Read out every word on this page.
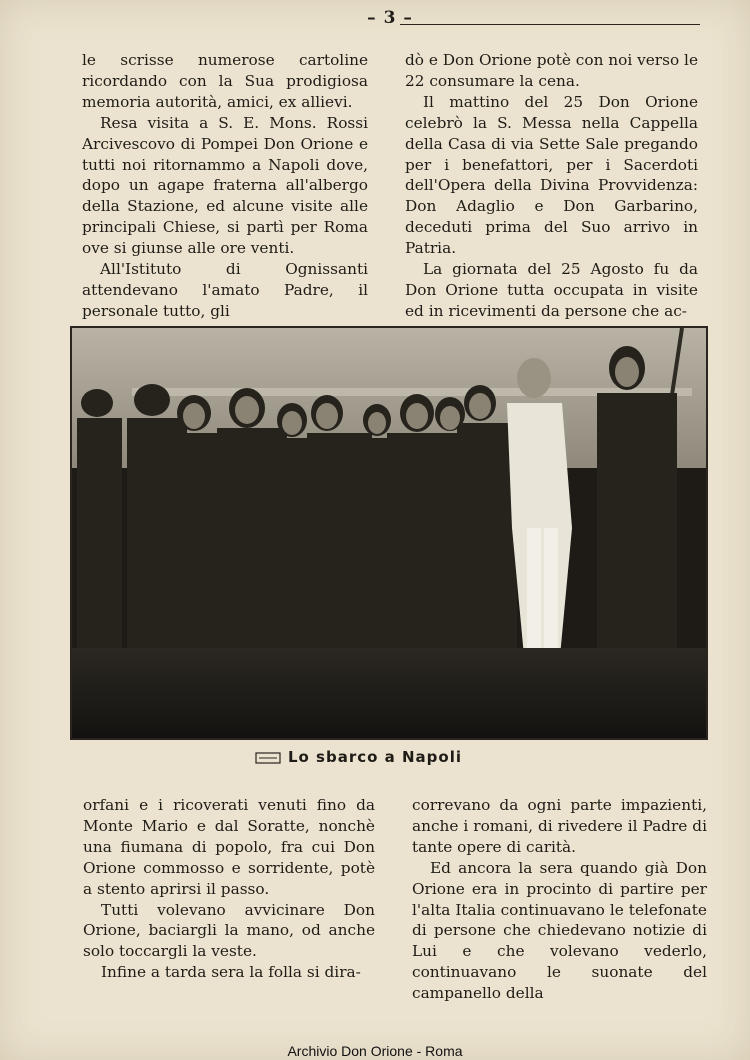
– 3 –

le scrisse numerose cartoline ricordando con la Sua prodigiosa memoria autorità, amici, ex allievi.

Resa visita a S. E. Mons. Rossi Arcivescovo di Pompei Don Orione e tutti noi ritornammo a Napoli dove, dopo un agape fraterna all'albergo della Stazione, ed alcune visite alle principali Chiese, si partì per Roma ove si giunse alle ore venti.

All'Istituto di Ognissanti attendevano l'amato Padre, il personale tutto, gli

dò e Don Orione potè con noi verso le 22 consumare la cena.

Il mattino del 25 Don Orione celebrò la S. Messa nella Cappella della Casa di via Sette Sale pregando per i benefattori, per i Sacerdoti dell'Opera della Divina Provvidenza: Don Adaglio e Don Garbarino, deceduti prima del Suo arrivo in Patria.

La giornata del 25 Agosto fu da Don Orione tutta occupata in visite ed in ricevimenti da persone che ac-

Lo sbarco a Napoli

orfani e i ricoverati venuti fino da Monte Mario e dal Soratte, nonchè una fiumana di popolo, fra cui Don Orione commosso e sorridente, potè a stento aprirsi il passo.

Tutti volevano avvicinare Don Orione, baciargli la mano, od anche solo toccargli la veste.

Infine a tarda sera la folla si dira-

correvano da ogni parte impazienti, anche i romani, di rivedere il Padre di tante opere di carità.

Ed ancora la sera quando già Don Orione era in procinto di partire per l'alta Italia continuavano le telefonate di persone che chiedevano notizie di Lui e che volevano vederlo, continuavano le suonate del campanello della

Archivio Don Orione - Roma
